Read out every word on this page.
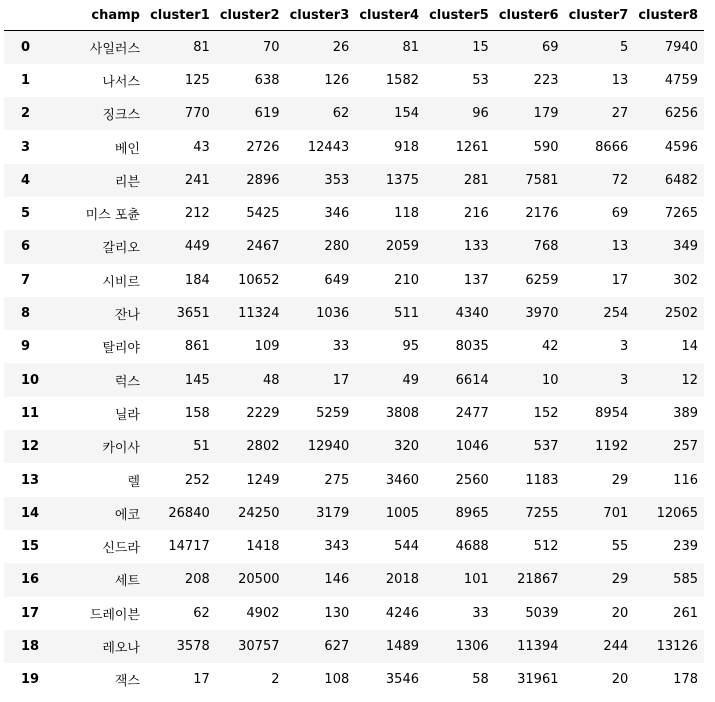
	champ	cluster1	cluster2	cluster3	cluster4	cluster5	cluster6	cluster7	cluster8
0	사일러스	81	70	26	81	15	69	5	7940
1	나서스	125	638	126	1582	53	223	13	4759
2	징크스	770	619	62	154	96	179	27	6256
3	베인	43	2726	12443	918	1261	590	8666	4596
4	리븐	241	2896	353	1375	281	7581	72	6482
5	미스 포츈	212	5425	346	118	216	2176	69	7265
6	갈리오	449	2467	280	2059	133	768	13	349
7	시비르	184	10652	649	210	137	6259	17	302
8	잔나	3651	11324	1036	511	4340	3970	254	2502
9	탈리야	861	109	33	95	8035	42	3	14
10	럭스	145	48	17	49	6614	10	3	12
11	닐라	158	2229	5259	3808	2477	152	8954	389
12	카이사	51	2802	12940	320	1046	537	1192	257
13	렐	252	1249	275	3460	2560	1183	29	116
14	에코	26840	24250	3179	1005	8965	7255	701	12065
15	신드라	14717	1418	343	544	4688	512	55	239
16	세트	208	20500	146	2018	101	21867	29	585
17	드레이븐	62	4902	130	4246	33	5039	20	261
18	레오나	3578	30757	627	1489	1306	11394	244	13126
19	잭스	17	2	108	3546	58	31961	20	178
